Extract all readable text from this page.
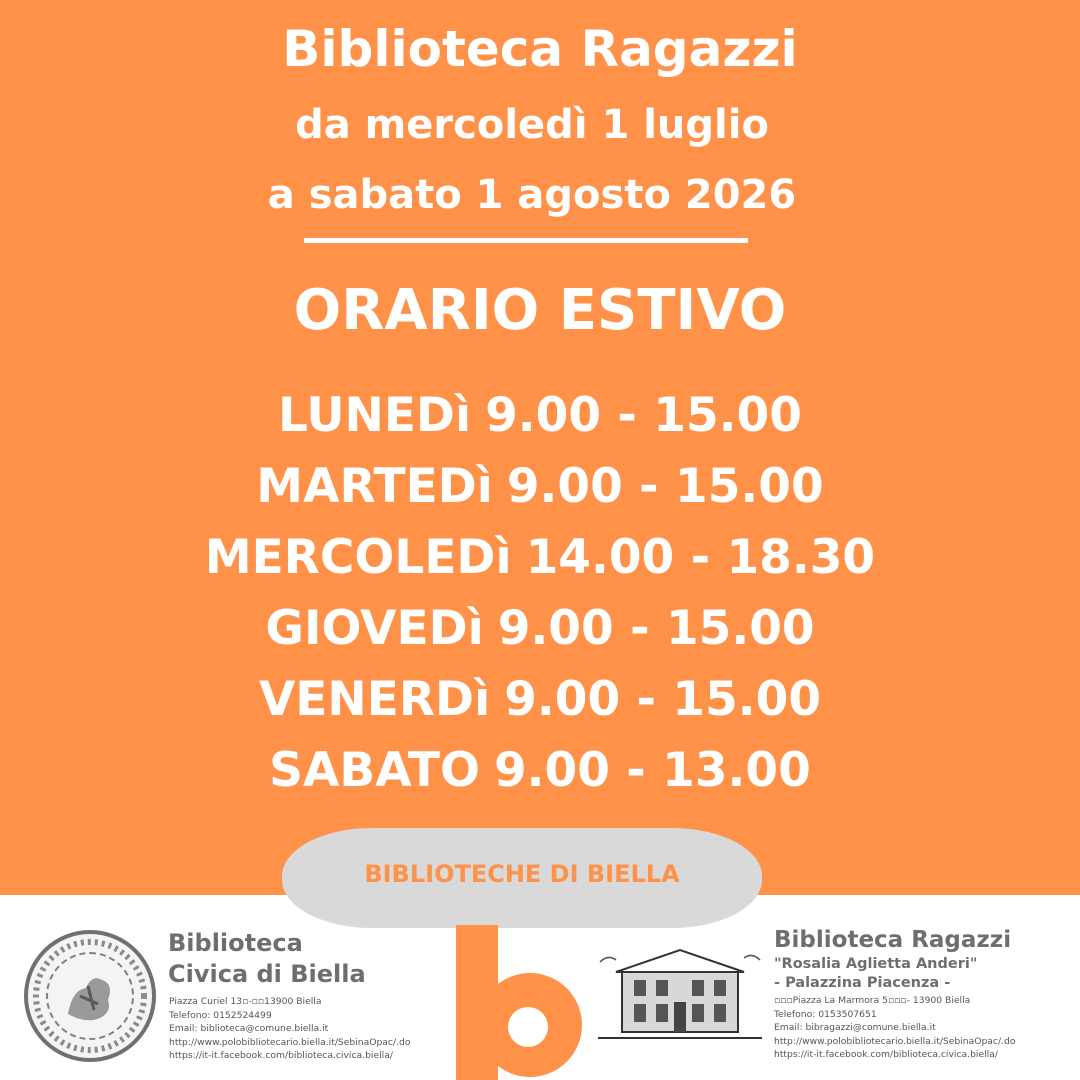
Biblioteca Ragazzi
da mercoledì 1 luglio
a sabato 1 agosto 2026
ORARIO ESTIVO
LUNEDì 9.00 - 15.00
MARTEDì 9.00 - 15.00
MERCOLEDì 14.00 - 18.30
GIOVEDì 9.00 - 15.00
VENERDì 9.00 - 15.00
SABATO 9.00 - 13.00
BIBLIOTECHE DI BIELLA
Biblioteca
Civica di Biella
Piazza Curiel 13▫-▫▫13900 Biella
Telefono: 0152524499
Email: biblioteca@comune.biella.it
http://www.polobibliotecario.biella.it/SebinaOpac/.do
https://it-it.facebook.com/biblioteca.civica.biella/
Biblioteca Ragazzi
"Rosalia Aglietta Anderi"
- Palazzina Piacenza -
▫▫▫Piazza La Marmora 5▫▫▫- 13900 Biella
Telefono: 0153507651
Email: bibragazzi@comune.biella.it
http://www.polobibliotecario.biella.it/SebinaOpac/.do
https://it-it.facebook.com/biblioteca.civica.biella/
